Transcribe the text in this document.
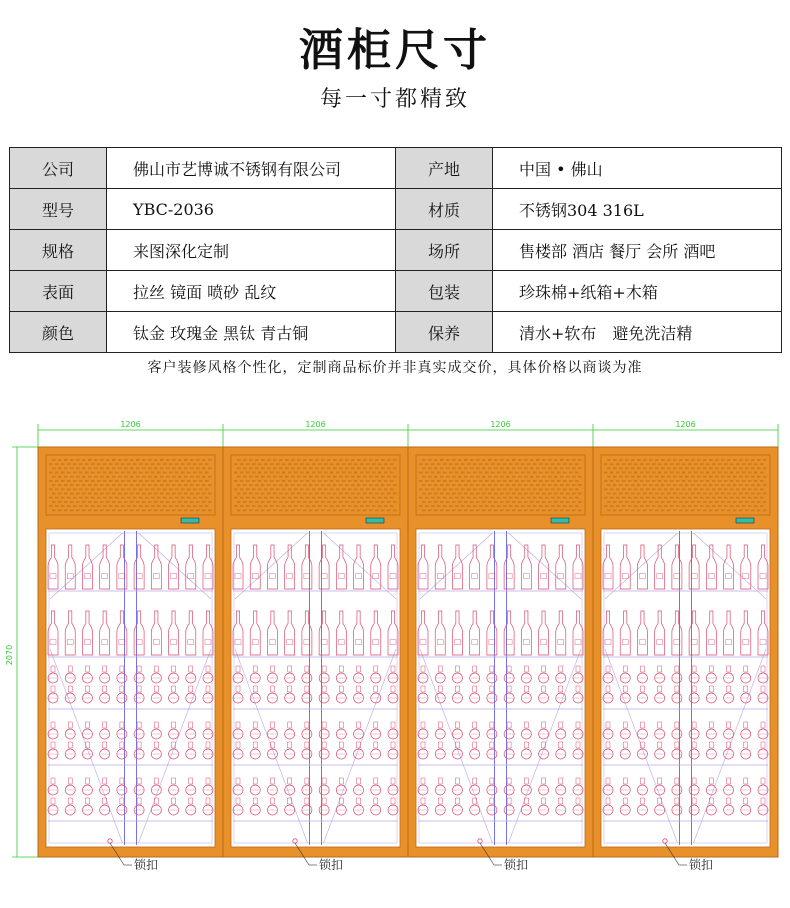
酒柜尺寸
每一寸都精致
公司	佛山市艺博诚不锈钢有限公司	产地	中国 • 佛山
型号	YBC-2036	材质	不锈钢304 316L
规格	来图深化定制	场所	售楼部 酒店 餐厅 会所 酒吧
表面	拉丝 镜面 喷砂 乱纹	包装	珍珠棉+纸箱+木箱
颜色	钛金 玫瑰金 黑钛 青古铜	保养	清水+软布　避免洗洁精
客户装修风格个性化，定制商品标价并非真实成交价，具体价格以商谈为准
1206	1206	1206	1206
2070
锁扣	锁扣	锁扣	锁扣
